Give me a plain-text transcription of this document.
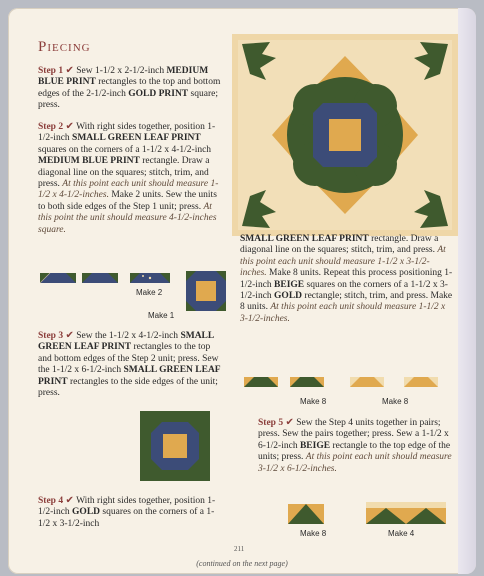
Piecing
Step 1 ✔ Sew 1-1/2 x 2-1/2-inch MEDIUM BLUE PRINT rectangles to the top and bottom edges of the 2-1/2-inch GOLD PRINT square; press.
Step 2 ✔ With right sides together, position 1-1/2-inch SMALL GREEN LEAF PRINT squares on the corners of a 1-1/2 x 4-1/2-inch MEDIUM BLUE PRINT rectangle. Draw a diagonal line on the squares; stitch, trim, and press. At this point each unit should measure 1-1/2 x 4-1/2-inches. Make 2 units. Sew the units to both side edges of the Step 1 unit; press. At this point the unit should measure 4-1/2-inches square.
Make 2
Make 1
Step 3 ✔ Sew the 1-1/2 x 4-1/2-inch SMALL GREEN LEAF PRINT rectangles to the top and bottom edges of the Step 2 unit; press. Sew the 1-1/2 x 6-1/2-inch SMALL GREEN LEAF PRINT rectangles to the side edges of the unit; press.
Step 4 ✔ With right sides together, position 1-1/2-inch GOLD squares on the corners of a 1-1/2 x 3-1/2-inch
SMALL GREEN LEAF PRINT rectangle. Draw a diagonal line on the squares; stitch, trim, and press. At this point each unit should measure 1-1/2 x 3-1/2-inches. Make 8 units. Repeat this process positioning 1-1/2-inch BEIGE squares on the corners of a 1-1/2 x 3-1/2-inch GOLD rectangle; stitch, trim, and press. Make 8 units. At this point each unit should measure 1-1/2 x 3-1/2-inches.
Make 8	Make 8
Step 5 ✔ Sew the Step 4 units together in pairs; press. Sew the pairs together; press. Sew a 1-1/2 x 6-1/2-inch BEIGE rectangle to the top edge of the units; press. At this point each unit should measure 3-1/2 x 6-1/2-inches.
Make 8	Make 4
211
(continued on the next page)
